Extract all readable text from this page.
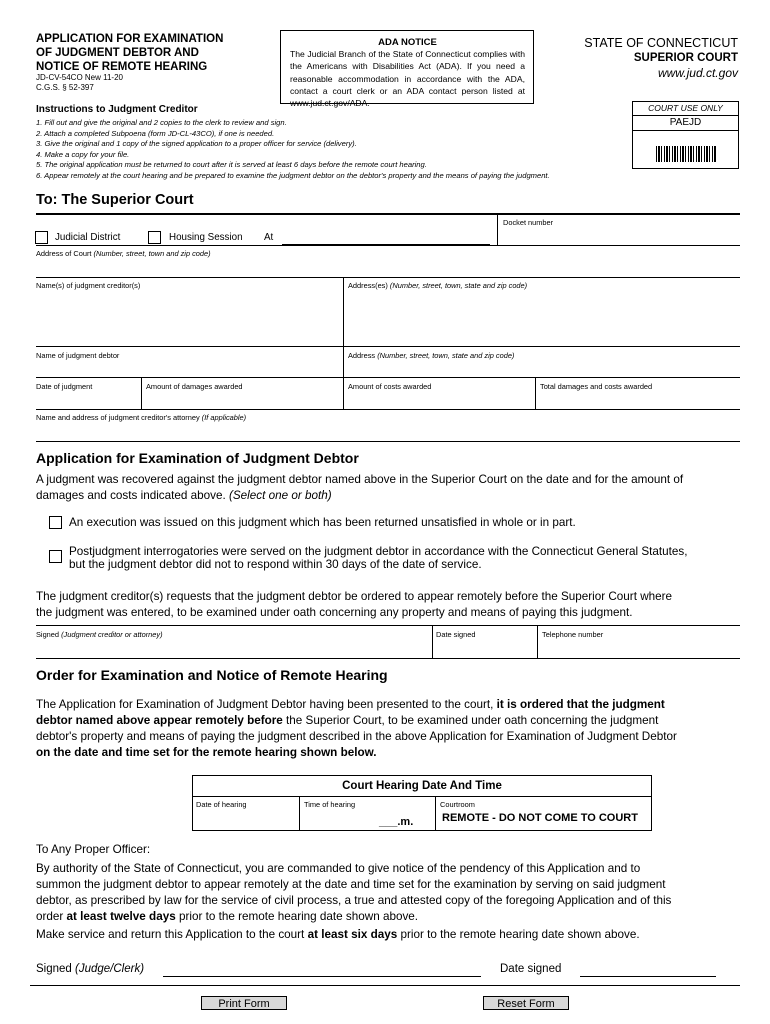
APPLICATION FOR EXAMINATION
OF JUDGMENT DEBTOR AND
NOTICE OF REMOTE HEARING
JD-CV-54CO New 11-20
C.G.S. § 52-397
ADA NOTICE
The Judicial Branch of the State of Connecticut complies with the Americans with Disabilities Act (ADA). If you need a reasonable accommodation in accordance with the ADA, contact a court clerk or an ADA contact person listed at www.jud.ct.gov/ADA.
STATE OF CONNECTICUT
SUPERIOR COURT
www.jud.ct.gov
COURT USE ONLY
PAEJD
Instructions to Judgment Creditor
1. Fill out and give the original and 2 copies to the clerk to review and sign.
2. Attach a completed Subpoena (form JD-CL-43CO), if one is needed.
3. Give the original and 1 copy of the signed application to a proper officer for service (delivery).
4. Make a copy for your file.
5. The original application must be returned to court after it is served at least 6 days before the remote court hearing.
6. Appear remotely at the court hearing and be prepared to examine the judgment debtor on the debtor's property and the means of paying the judgment.
To: The Superior Court
Docket number
Judicial District	Housing Session At
Address of Court (Number, street, town and zip code)
Name(s) of judgment creditor(s)	Address(es) (Number, street, town, state and zip code)
Name of judgment debtor	Address (Number, street, town, state and zip code)
Date of judgment	Amount of damages awarded	Amount of costs awarded	Total damages and costs awarded
Name and address of judgment creditor's attorney (If applicable)
Application for Examination of Judgment Debtor
A judgment was recovered against the judgment debtor named above in the Superior Court on the date and for the amount of
damages and costs indicated above. (Select one or both)
An execution was issued on this judgment which has been returned unsatisfied in whole or in part.
Postjudgment interrogatories were served on the judgment debtor in accordance with the Connecticut General Statutes,
but the judgment debtor did not to respond within 30 days of the date of service.
The judgment creditor(s) requests that the judgment debtor be ordered to appear remotely before the Superior Court where
the judgment was entered, to be examined under oath concerning any property and means of paying this judgment.
Signed (Judgment creditor or attorney)	Date signed	Telephone number
Order for Examination and Notice of Remote Hearing
The Application for Examination of Judgment Debtor having been presented to the court, it is ordered that the judgment
debtor named above appear remotely before the Superior Court, to be examined under oath concerning the judgment
debtor's property and means of paying the judgment described in the above Application for Examination of Judgment Debtor
on the date and time set for the remote hearing shown below.
Court Hearing Date And Time
Date of hearing	Time of hearing
___.m.
Courtroom
REMOTE - DO NOT COME TO COURT
To Any Proper Officer:
By authority of the State of Connecticut, you are commanded to give notice of the pendency of this Application and to
summon the judgment debtor to appear remotely at the date and time set for the examination by serving on said judgment
debtor, as prescribed by law for the service of civil process, a true and attested copy of the foregoing Application and of this
order at least twelve days prior to the remote hearing date shown above.
Make service and return this Application to the court at least six days prior to the remote hearing date shown above.
Signed (Judge/Clerk)	Date signed
Print Form	Reset Form
